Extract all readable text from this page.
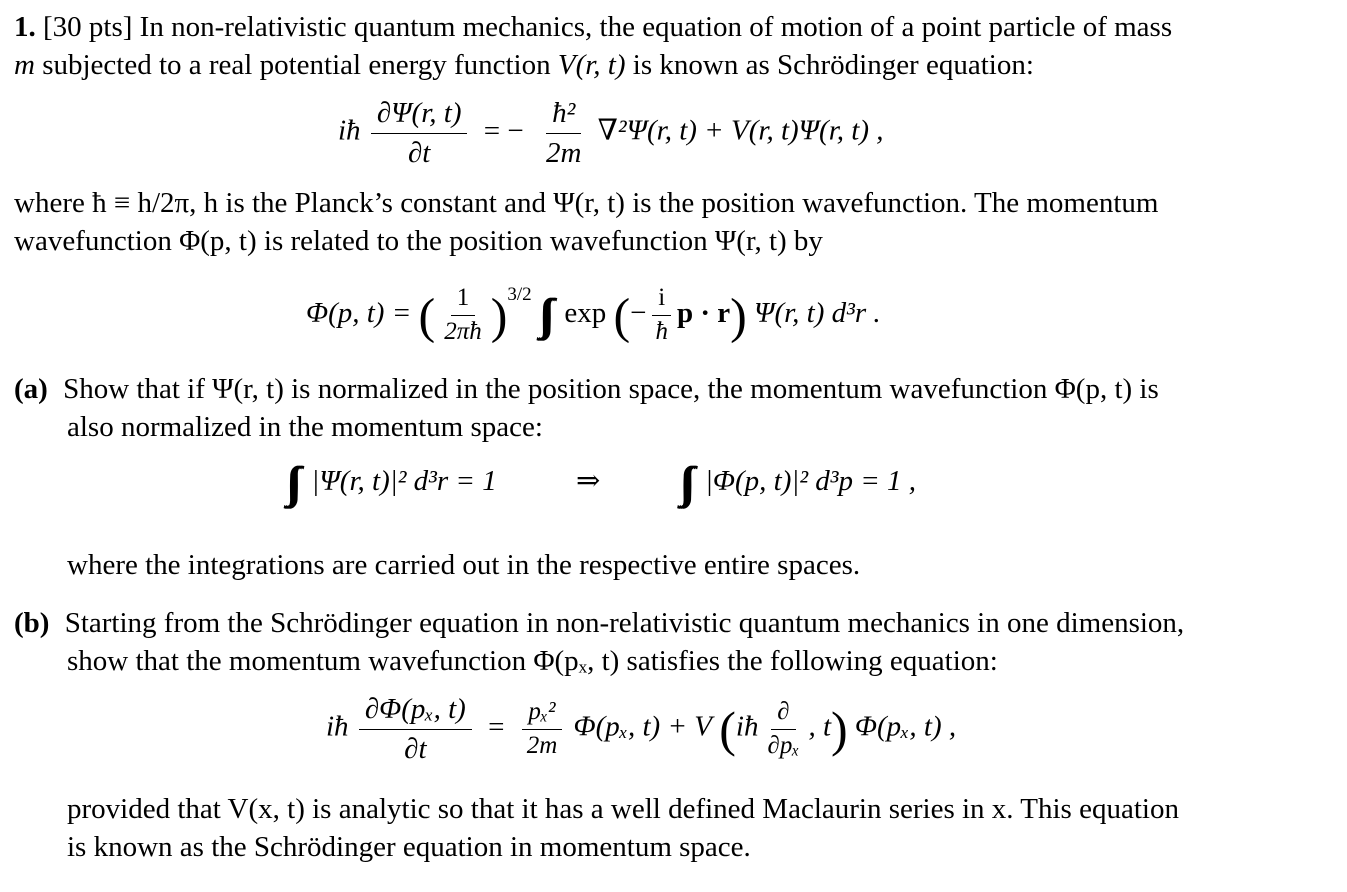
1. [30 pts] In non-relativistic quantum mechanics, the equation of motion of a point particle of mass
m subjected to a real potential energy function V(r, t) is known as Schrödinger equation:
iħ $\frac{\partial\Psi(r, t)}{\partial t}$ = − $\frac{\text{ħ²}}{2m} \nabla^2\Psi(r$, t) + V(r, t)Ψ(r, t) ,
where ħ ≡ h/2π, h is the Planck’s constant and Ψ(r, t) is the position wavefunction. The momentum
wavefunction Φ(p, t) is related to the position wavefunction Ψ(r, t) by
Φ(p, t) = ( $\frac{1}{2\pi ħ} )^{3/2}$ ∫∫∫ exp (− $\frac{i}{ħ}$ p · r) Ψ(r, t) d³r .
(a) Show that if Ψ(r, t) is normalized in the position space, the momentum wavefunction Φ(p, t) is
also normalized in the momentum space:
∫∫∫ |Ψ(r, t)|² d³r = 1	⇒ ∫∫∫ |Φ(p, t)|² d³p = 1 ,
where the integrations are carried out in the respective entire spaces.
(b) Starting from the Schrödinger equation in non-relativistic quantum mechanics in one dimension,
show that the momentum wavefunction Φ(pₓ, t) satisfies the following equation:
iħ $\frac{\text{∂Φ(pₓ, t)}}{\partial t} = \frac{\text{pₓ²}}{2m} \Phi(p_x$, t) + V (iħ $\frac{\partial}{\text{∂pₓ}}$ , t) Φ(pₓ, t) ,
provided that V(x, t) is analytic so that it has a well defined Maclaurin series in x. This equation
is known as the Schrödinger equation in momentum space.
